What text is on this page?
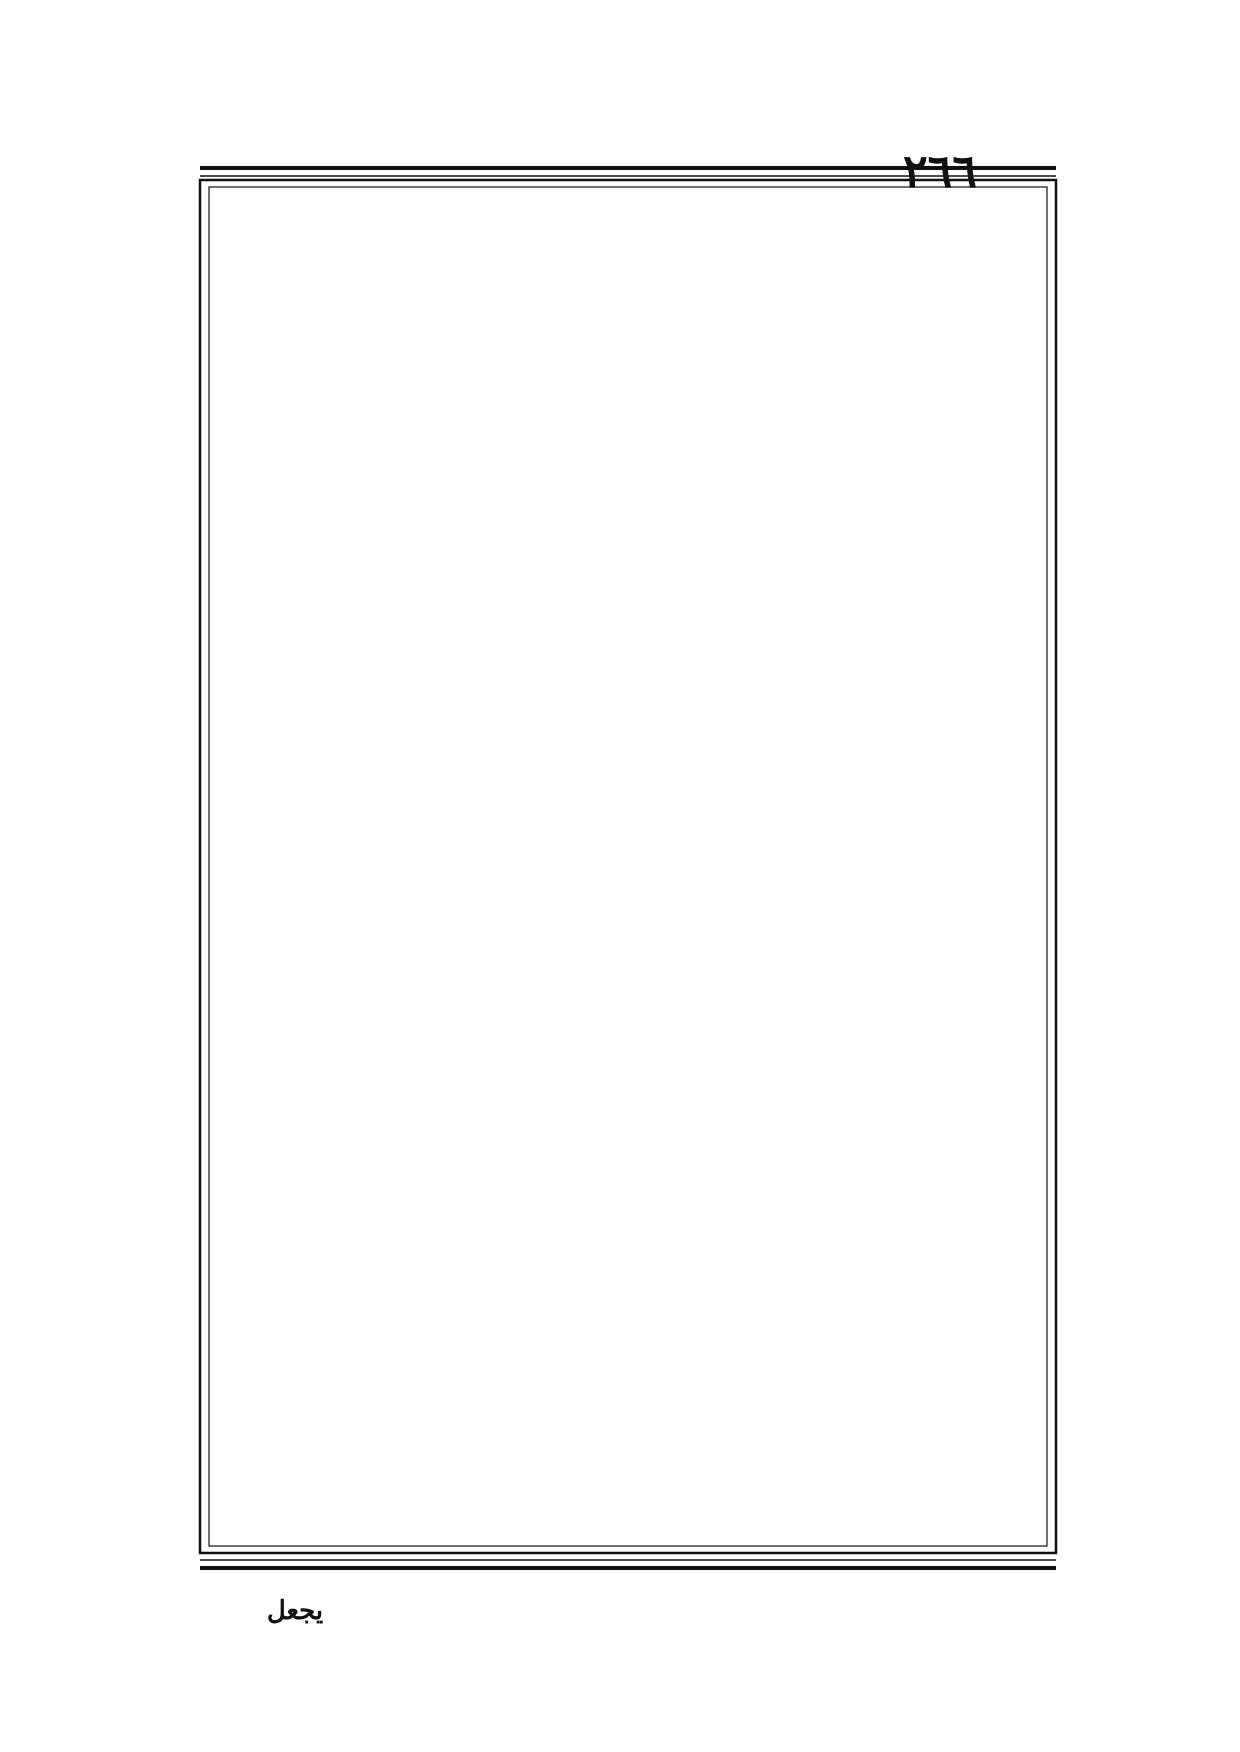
٢٦٦
يجعل
